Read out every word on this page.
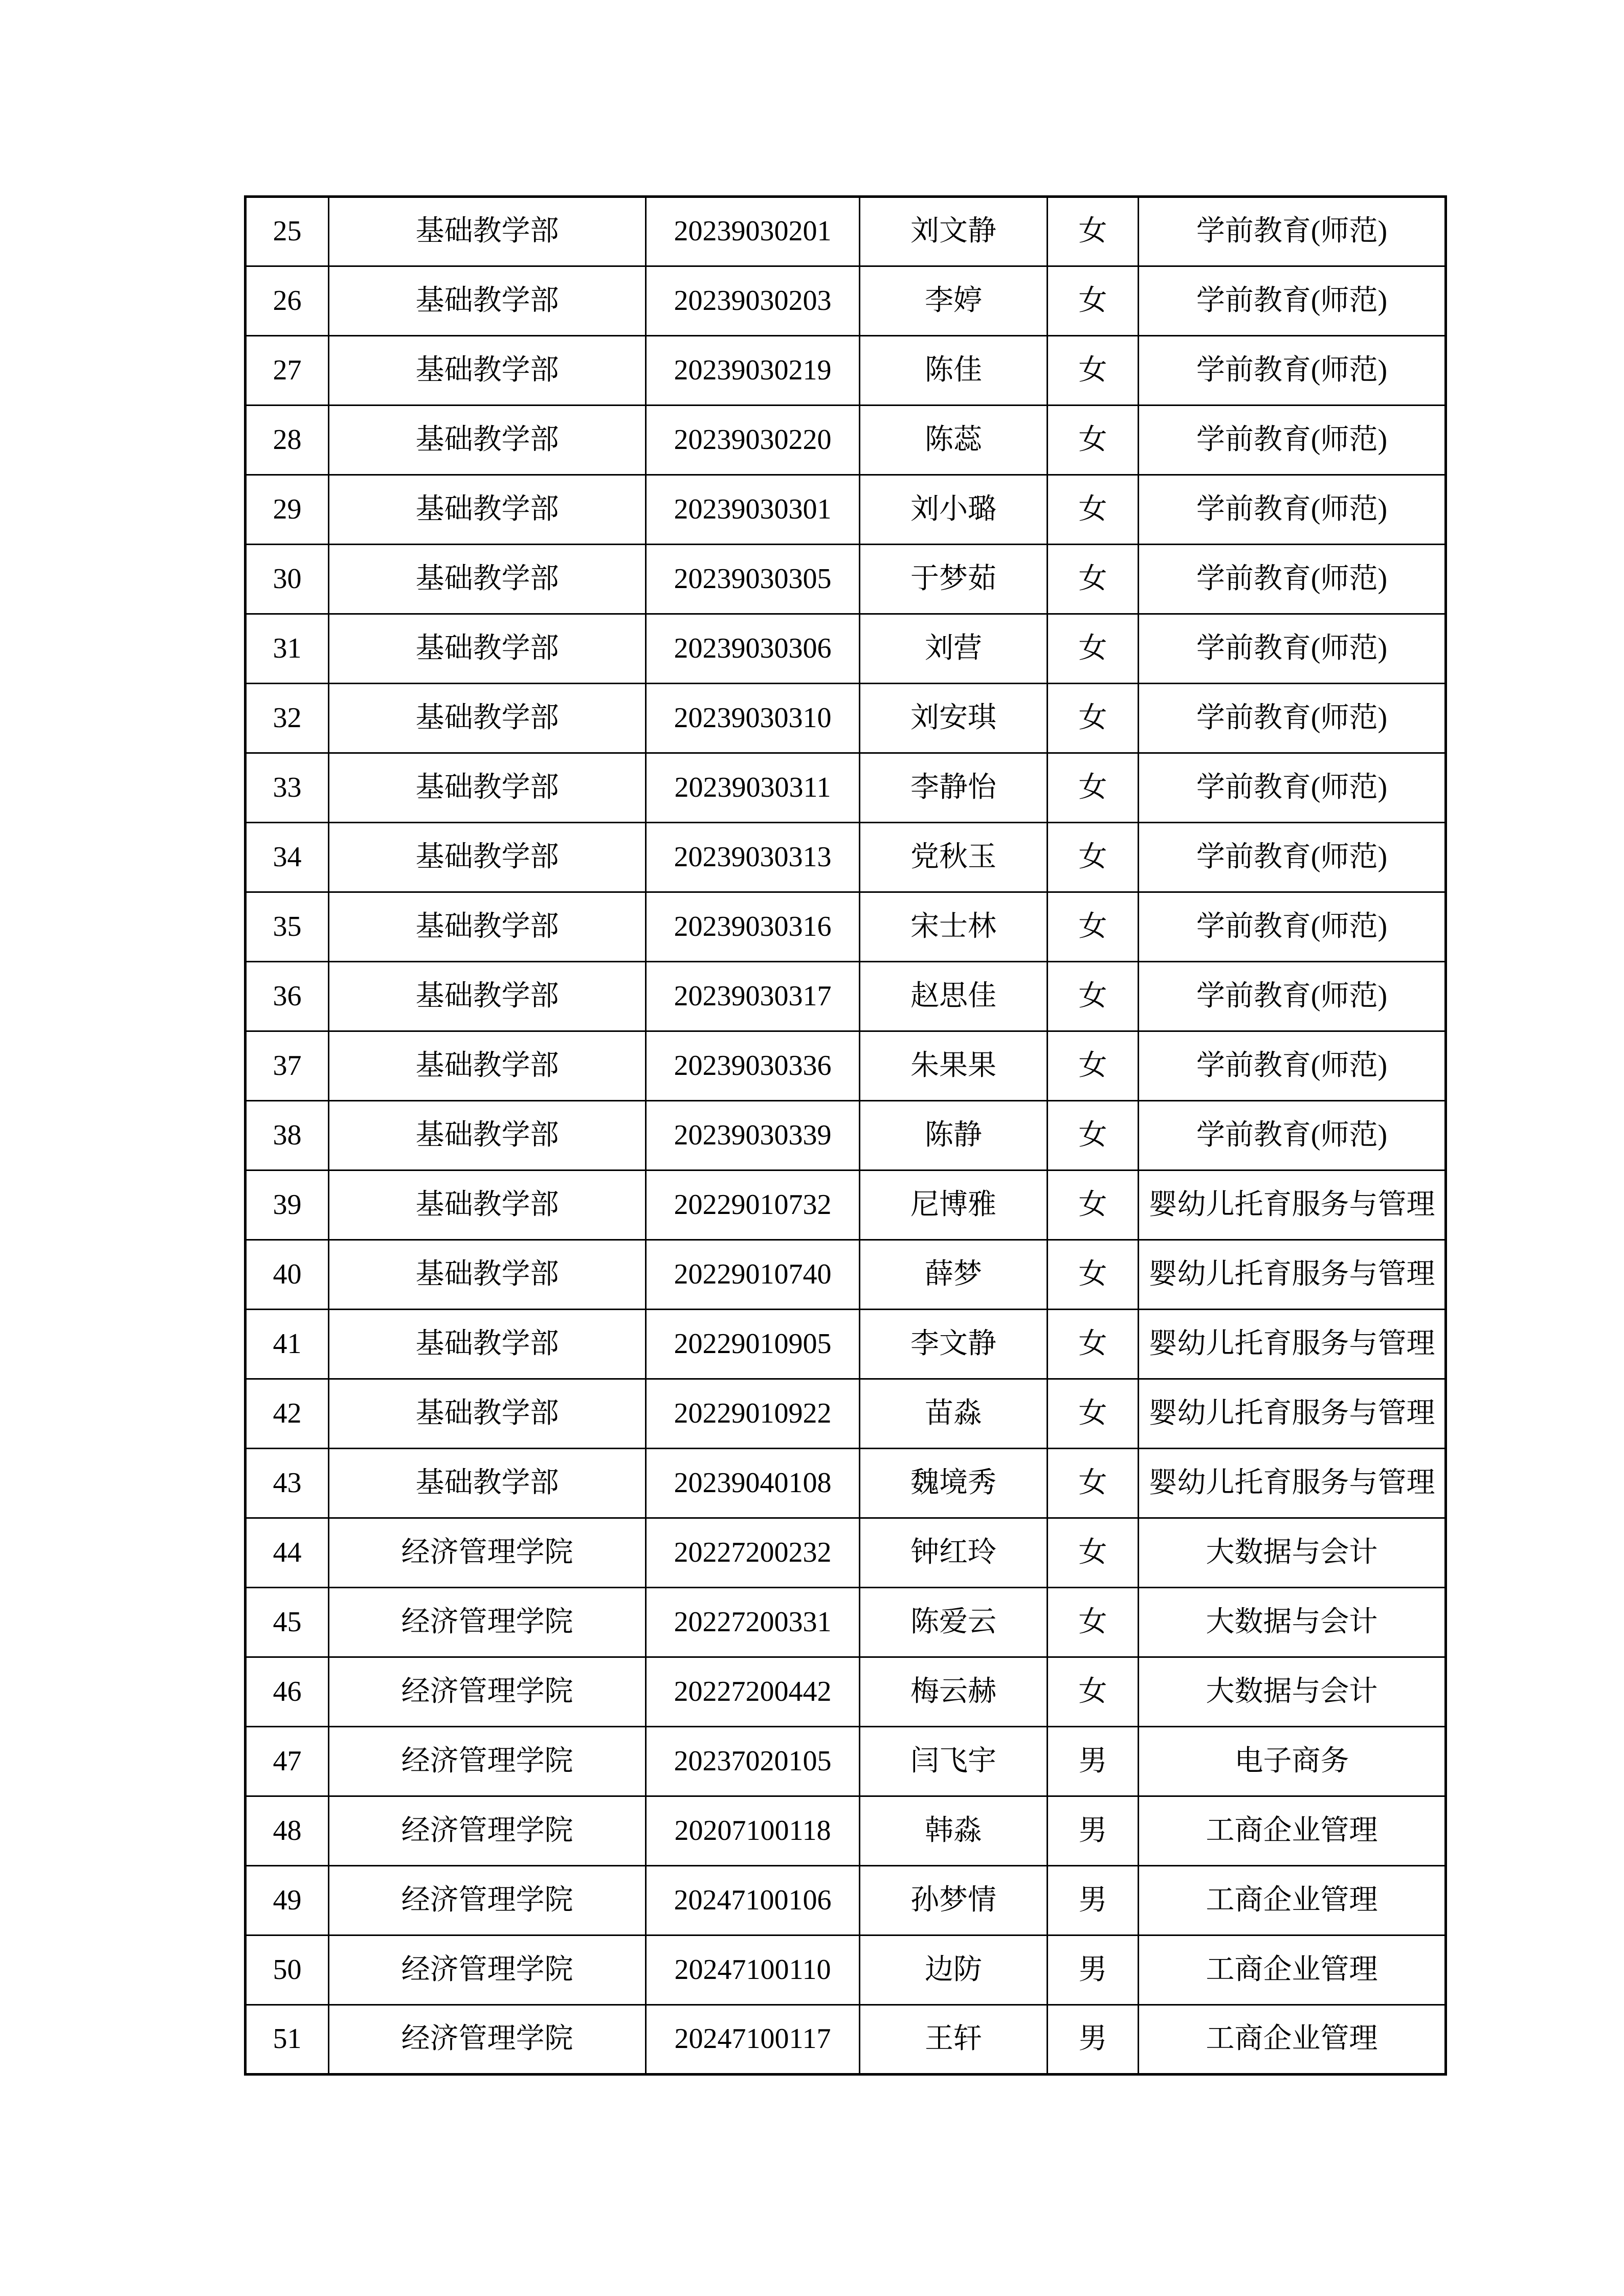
25	基础教学部	20239030201	刘文静	女	学前教育(师范)
26	基础教学部	20239030203	李婷	女	学前教育(师范)
27	基础教学部	20239030219	陈佳	女	学前教育(师范)
28	基础教学部	20239030220	陈蕊	女	学前教育(师范)
29	基础教学部	20239030301	刘小璐	女	学前教育(师范)
30	基础教学部	20239030305	于梦茹	女	学前教育(师范)
31	基础教学部	20239030306	刘营	女	学前教育(师范)
32	基础教学部	20239030310	刘安琪	女	学前教育(师范)
33	基础教学部	20239030311	李静怡	女	学前教育(师范)
34	基础教学部	20239030313	党秋玉	女	学前教育(师范)
35	基础教学部	20239030316	宋士林	女	学前教育(师范)
36	基础教学部	20239030317	赵思佳	女	学前教育(师范)
37	基础教学部	20239030336	朱果果	女	学前教育(师范)
38	基础教学部	20239030339	陈静	女	学前教育(师范)
39	基础教学部	20229010732	尼博雅	女	婴幼儿托育服务与管理
40	基础教学部	20229010740	薛梦	女	婴幼儿托育服务与管理
41	基础教学部	20229010905	李文静	女	婴幼儿托育服务与管理
42	基础教学部	20229010922	苗淼	女	婴幼儿托育服务与管理
43	基础教学部	20239040108	魏境秀	女	婴幼儿托育服务与管理
44	经济管理学院	20227200232	钟红玲	女	大数据与会计
45	经济管理学院	20227200331	陈爱云	女	大数据与会计
46	经济管理学院	20227200442	梅云赫	女	大数据与会计
47	经济管理学院	20237020105	闫飞宇	男	电子商务
48	经济管理学院	20207100118	韩淼	男	工商企业管理
49	经济管理学院	20247100106	孙梦情	男	工商企业管理
50	经济管理学院	20247100110	边防	男	工商企业管理
51	经济管理学院	20247100117	王轩	男	工商企业管理
